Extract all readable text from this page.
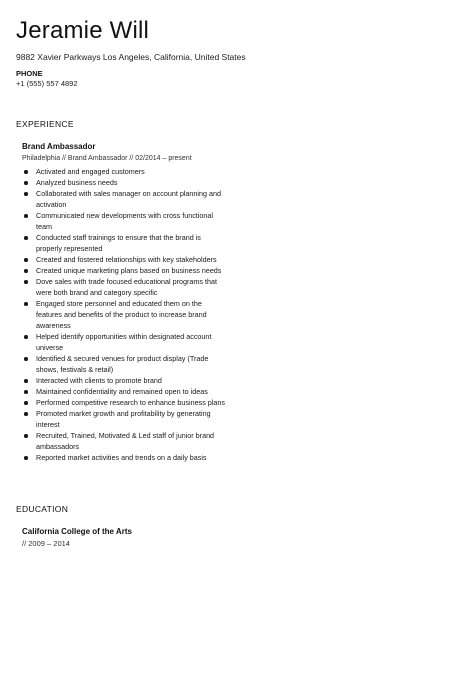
Jeramie Will
9882 Xavier Parkways Los Angeles, California, United States
PHONE
+1 (555) 557 4892
EXPERIENCE
Brand Ambassador
Philadelphia // Brand Ambassador // 02/2014 – present
Activated and engaged customers
Analyzed business needs
Collaborated with sales manager on account planning and activation
Communicated new developments with cross functional team
Conducted staff trainings to ensure that the brand is properly represented
Created and fostered relationships with key stakeholders
Created unique marketing plans based on business needs
Dove sales with trade focused educational programs that were both brand and category specific
Engaged store personnel and educated them on the features and benefits of the product to increase brand awareness
Helped identify opportunities within designated account universe
Identified & secured venues for product display (Trade shows, festivals & retail)
Interacted with clients to promote brand
Maintained confidentiality and remained open to ideas
Performed competitive research to enhance business plans
Promoted market growth and profitability by generating interest
Recruited, Trained, Motivated & Led staff of junior brand ambassadors
Reported market activities and trends on a daily basis
EDUCATION
California College of the Arts
// 2009 – 2014
